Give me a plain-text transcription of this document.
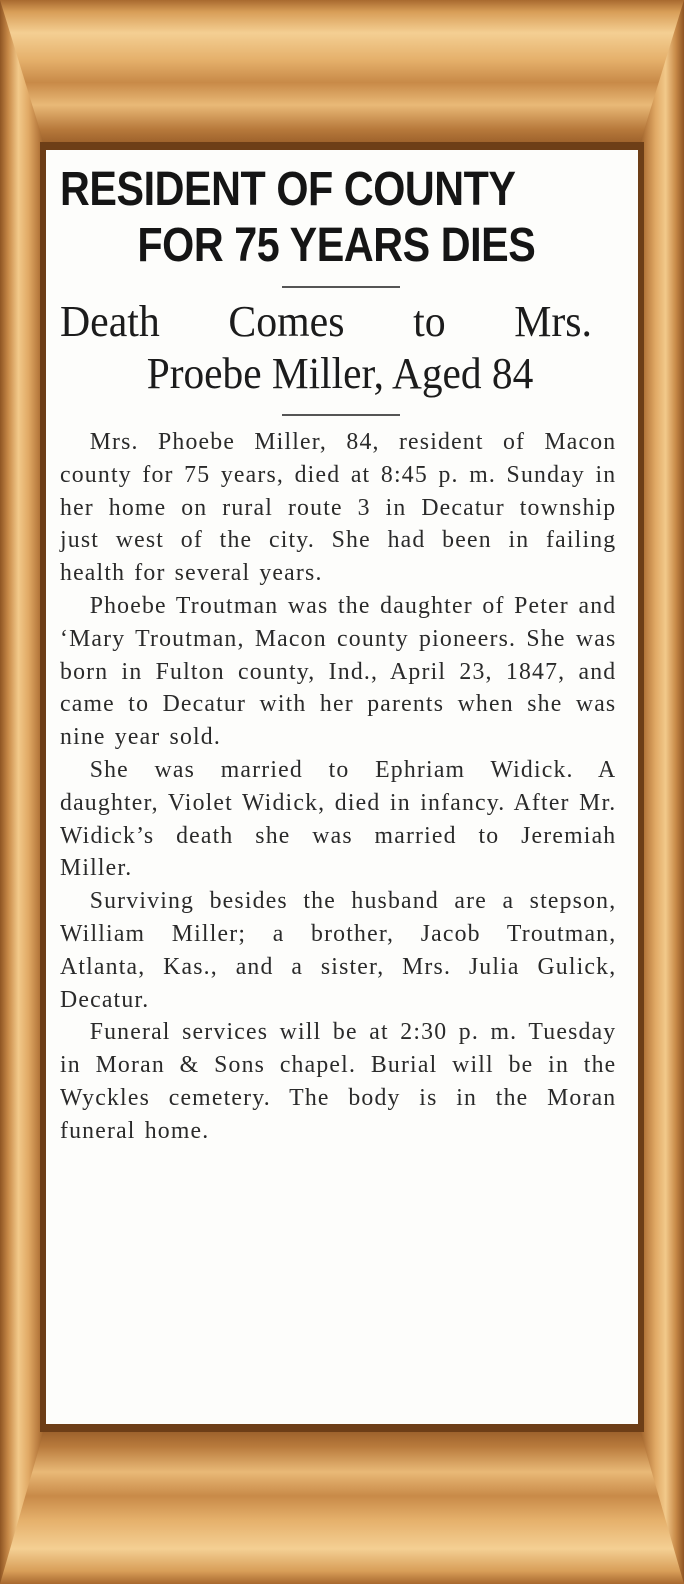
RESIDENT OF COUNTY
FOR 75 YEARS DIES
Death Comes to Mrs.
Proebe Miller, Aged 84

Mrs. Phoebe Miller, 84, resident of Macon county for 75 years, died at 8:45 p. m. Sunday in her home on rural route 3 in Decatur township just west of the city. She had been in failing health for several years.

Phoebe Troutman was the daughter of Peter and ‘Mary Troutman, Macon county pioneers. She was born in Fulton county, Ind., April 23, 1847, and came to Decatur with her parents when she was nine year sold.

She was married to Ephriam Widick. A daughter, Violet Widick, died in infancy. After Mr. Widick’s death she was married to Jeremiah Miller.

Surviving besides the husband are a stepson, William Miller; a brother, Jacob Troutman, Atlanta, Kas., and a sister, Mrs. Julia Gulick, Decatur.

Funeral services will be at 2:30 p. m. Tuesday in Moran & Sons chapel. Burial will be in the Wyckles cemetery. The body is in the Moran funeral home.
